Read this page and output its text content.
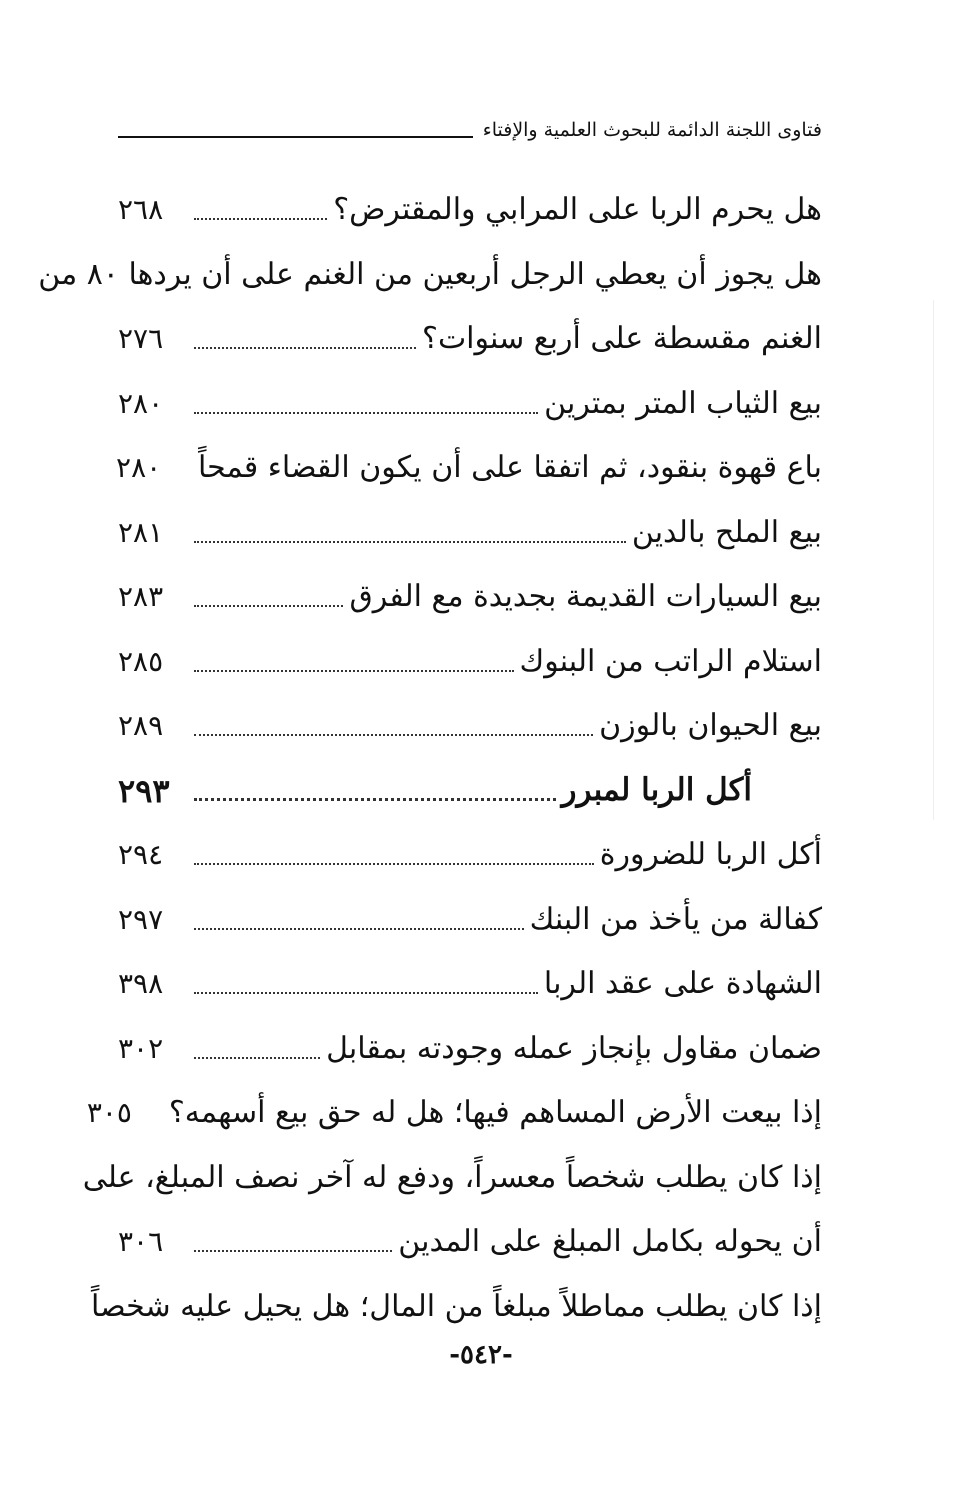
فتاوى اللجنة الدائمة للبحوث العلمية والإفتاء
هل يحرم الربا على المرابي والمقترض؟
٢٦٨
هل يجوز أن يعطي الرجل أربعين من الغنم على أن يردها ٨٠ من
الغنم مقسطة على أربع سنوات؟
٢٧٦
بيع الثياب المتر بمترين
٢٨٠
باع قهوة بنقود، ثم اتفقا على أن يكون القضاء قمحاً
٢٨٠
بيع الملح بالدين
٢٨١
بيع السيارات القديمة بجديدة مع الفرق
٢٨٣
استلام الراتب من البنوك
٢٨٥
بيع الحيوان بالوزن
٢٨٩
أكل الربا لمبرر
٢٩٣
أكل الربا للضرورة
٢٩٤
كفالة من يأخذ من البنك
٢٩٧
الشهادة على عقد الربا
٣٩٨
ضمان مقاول بإنجاز عمله وجودته بمقابل
٣٠٢
إذا بيعت الأرض المساهم فيها؛ هل له حق بيع أسهمه؟
٣٠٥
إذا كان يطلب شخصاً معسراً، ودفع له آخر نصف المبلغ، على
أن يحوله بكامل المبلغ على المدين
٣٠٦
إذا كان يطلب مماطلاً مبلغاً من المال؛ هل يحيل عليه شخصاً
-٥٤٢-
